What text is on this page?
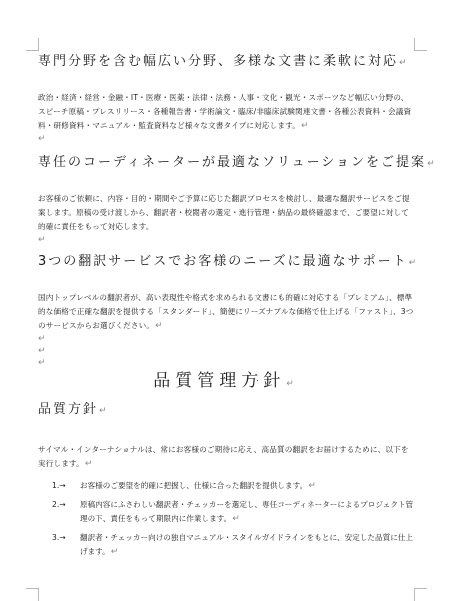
専門分野を含む幅広い分野、多様な文書に柔軟に対応↵

政治・経済・経営・金融・IT・医療・医薬・法律・法務・人事・文化・観光・スポーツなど幅広い分野の、スピーチ原稿・プレスリリース・各種報告書・学術論文・臨床/非臨床試験関連文書・各種公表資料・会議資料・研修資料・マニュアル・監査資料など様々な文書タイプに対応します。↵

↵
専任のコーディネーターが最適なソリューションをご提案↵

お客様のご依頼に、内容・目的・期間やご予算に応じた翻訳プロセスを検討し、最適な翻訳サービスをご提案します。原稿の受け渡しから、翻訳者・校閲者の選定・進行管理・納品の最終確認まで、ご要望に対して的確に責任をもって対応します。

↵
3つの翻訳サービスでお客様のニーズに最適なサポート↵

国内トップレベルの翻訳者が、高い表現性や格式を求められる文書にも的確に対応する「プレミアム」、標準的な価格で正確な翻訳を提供する「スタンダード」、簡便にリーズナブルな価格で仕上げる「ファスト」、3つのサービスからお選びください。↵

↵
↵
↵
品質管理方針↵
品質方針↵

サイマル・インターナショナルは、常にお客様のご期待に応え、高品質の翻訳をお届けするために、以下を実行します。↵

1.→ お客様のご要望を的確に把握し、仕様に合った翻訳を提供します。↵
2.→ 原稿内容にふさわしい翻訳者・チェッカーを選定し、専任コーディネーターによるプロジェクト管理の下、責任をもって期限内に作業します。↵
3.→ 翻訳者・チェッカー向けの独自マニュアル・スタイルガイドラインをもとに、安定した品質に仕上げます。↵
